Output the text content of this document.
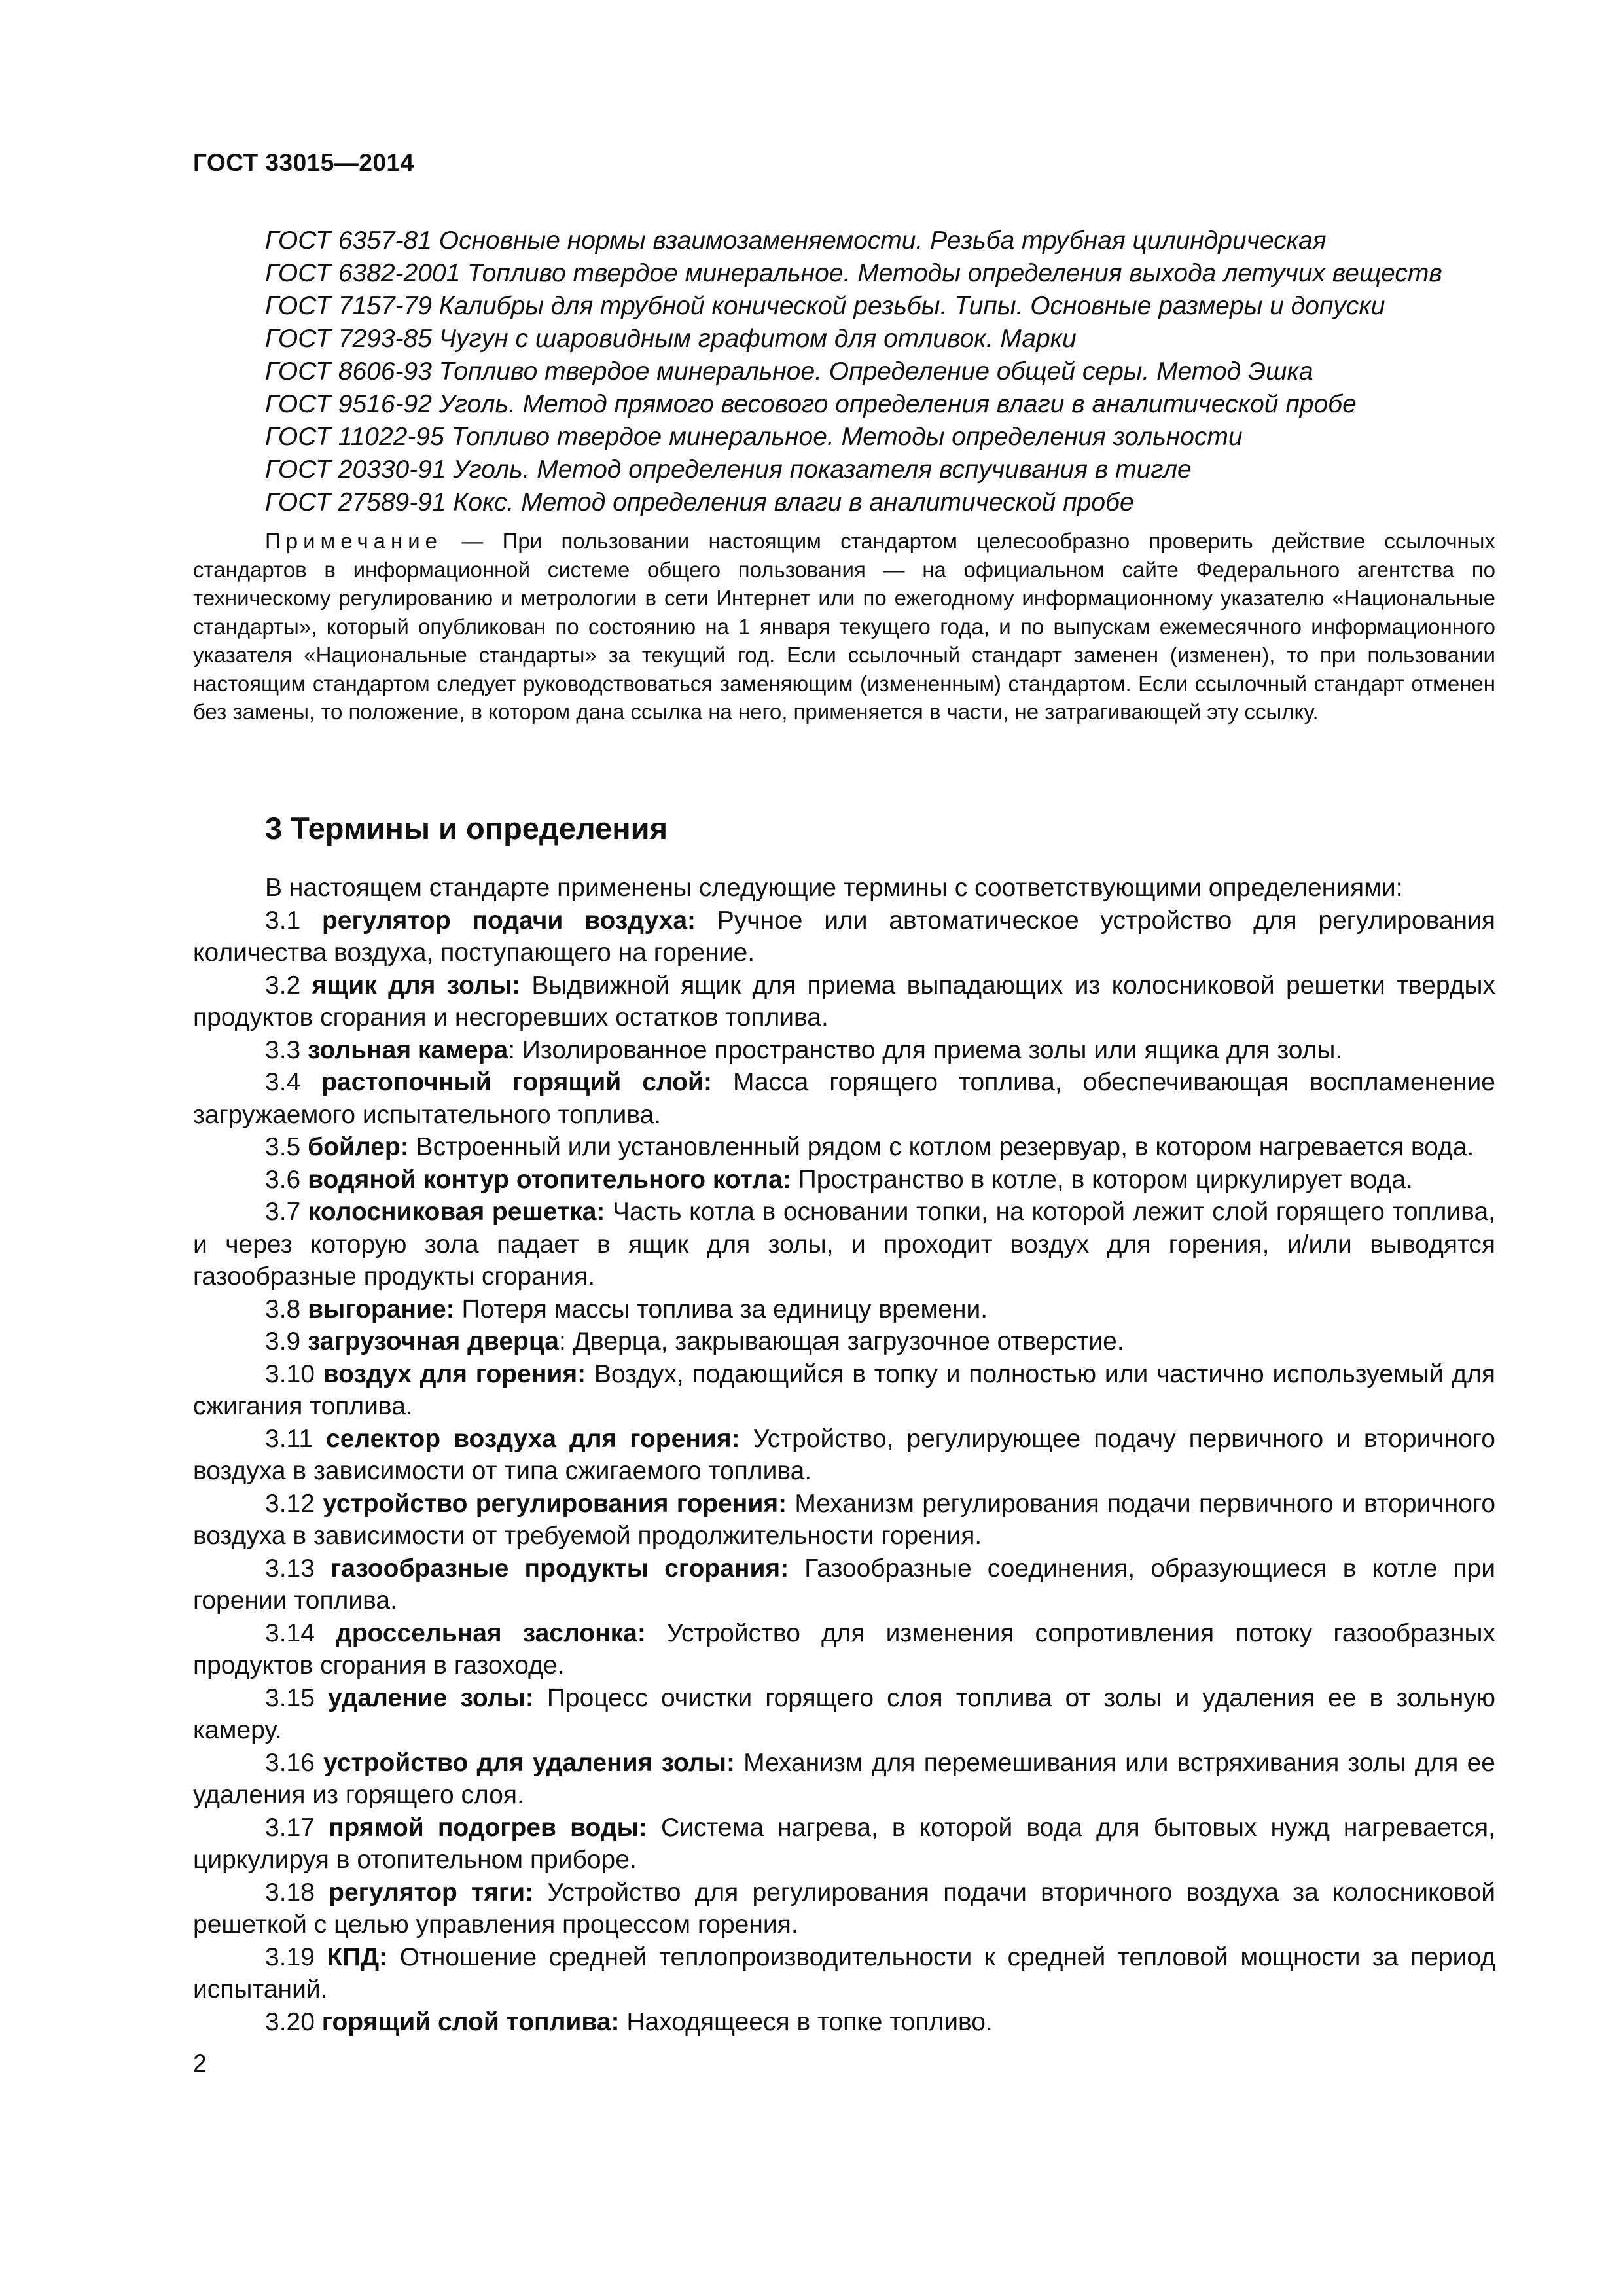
ГОСТ 33015—2014
ГОСТ 6357-81 Основные нормы взаимозаменяемости. Резьба трубная цилиндрическая
ГОСТ 6382-2001 Топливо твердое минеральное. Методы определения выхода летучих веществ
ГОСТ 7157-79 Калибры для трубной конической резьбы. Типы. Основные размеры и допуски
ГОСТ 7293-85 Чугун с шаровидным графитом для отливок. Марки
ГОСТ 8606-93 Топливо твердое минеральное. Определение общей серы. Метод Эшка
ГОСТ 9516-92 Уголь. Метод прямого весового определения влаги в аналитической пробе
ГОСТ 11022-95 Топливо твердое минеральное. Методы определения зольности
ГОСТ 20330-91 Уголь. Метод определения показателя вспучивания в тигле
ГОСТ 27589-91 Кокс. Метод определения влаги в аналитической пробе
Примечание — При пользовании настоящим стандартом целесообразно проверить действие ссылочных стандартов в информационной системе общего пользования — на официальном сайте Федерального агентства по техническому регулированию и метрологии в сети Интернет или по ежегодному информационному указателю «Национальные стандарты», который опубликован по состоянию на 1 января текущего года, и по выпускам ежемесячного информационного указателя «Национальные стандарты» за текущий год. Если ссылочный стандарт заменен (изменен), то при пользовании настоящим стандартом следует руководствоваться заменяющим (измененным) стандартом. Если ссылочный стандарт отменен без замены, то положение, в котором дана ссылка на него, применяется в части, не затрагивающей эту ссылку.
3 Термины и определения

В настоящем стандарте применены следующие термины с соответствующими определениями:

3.1 регулятор подачи воздуха: Ручное или автоматическое устройство для регулирования количества воздуха, поступающего на горение.

3.2 ящик для золы: Выдвижной ящик для приема выпадающих из колосниковой решетки твердых продуктов сгорания и несгоревших остатков топлива.

3.3 зольная камера: Изолированное пространство для приема золы или ящика для золы.

3.4 растопочный горящий слой: Масса горящего топлива, обеспечивающая воспламенение загружаемого испытательного топлива.

3.5 бойлер: Встроенный или установленный рядом с котлом резервуар, в котором нагревается вода.

3.6 водяной контур отопительного котла: Пространство в котле, в котором циркулирует вода.

3.7 колосниковая решетка: Часть котла в основании топки, на которой лежит слой горящего топлива, и через которую зола падает в ящик для золы, и проходит воздух для горения, и/или выводятся газообразные продукты сгорания.

3.8 выгорание: Потеря массы топлива за единицу времени.

3.9 загрузочная дверца: Дверца, закрывающая загрузочное отверстие.

3.10 воздух для горения: Воздух, подающийся в топку и полностью или частично используемый для сжигания топлива.

3.11 селектор воздуха для горения: Устройство, регулирующее подачу первичного и вторичного воздуха в зависимости от типа сжигаемого топлива.

3.12 устройство регулирования горения: Механизм регулирования подачи первичного и вторичного воздуха в зависимости от требуемой продолжительности горения.

3.13 газообразные продукты сгорания: Газообразные соединения, образующиеся в котле при горении топлива.

3.14 дроссельная заслонка: Устройство для изменения сопротивления потоку газообразных продуктов сгорания в газоходе.

3.15 удаление золы: Процесс очистки горящего слоя топлива от золы и удаления ее в зольную камеру.

3.16 устройство для удаления золы: Механизм для перемешивания или встряхивания золы для ее удаления из горящего слоя.

3.17 прямой подогрев воды: Система нагрева, в которой вода для бытовых нужд нагревается, циркулируя в отопительном приборе.

3.18 регулятор тяги: Устройство для регулирования подачи вторичного воздуха за колосниковой решеткой с целью управления процессом горения.

3.19 КПД: Отношение средней теплопроизводительности к средней тепловой мощности за период испытаний.

3.20 горящий слой топлива: Находящееся в топке топливо.

2
